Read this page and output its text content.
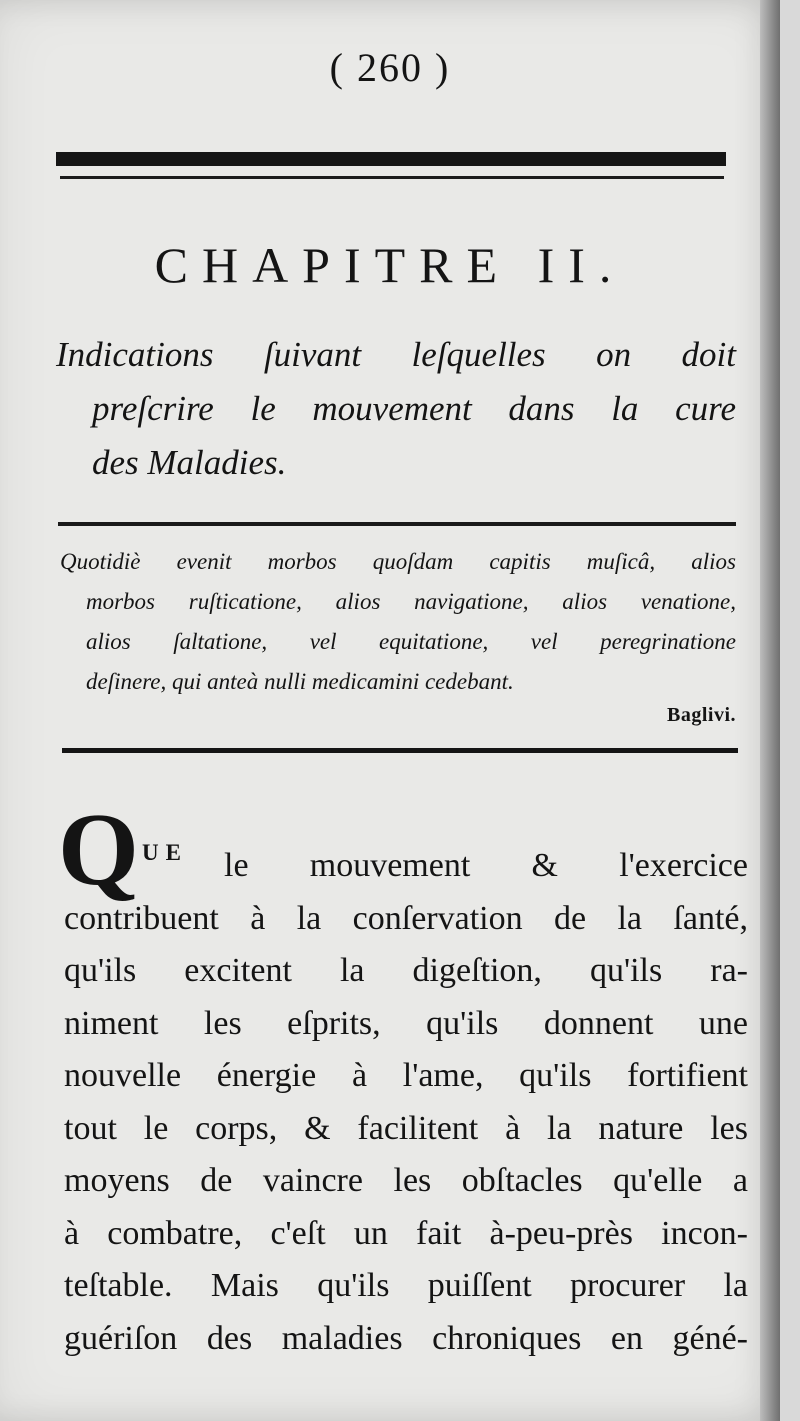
( 260 )
CHAPITRE II.
Indications ſuivant leſquelles on doit
preſcrire le mouvement dans la cure
des Maladies.
Quotidiè evenit morbos quoſdam capitis muſicâ, alios
morbos ruſticatione, alios navigatione, alios venatione,
alios ſaltatione, vel equitatione, vel peregrinatione
deſinere, qui anteà nulli medicamini cedebant.
Baglivi.
Q UE	le mouvement & l'exercice
contribuent à la conſervation de la ſanté,
qu'ils excitent la digeſtion, qu'ils ra-
niment les eſprits, qu'ils donnent une
nouvelle énergie à l'ame, qu'ils fortifient
tout le corps, & facilitent à la nature les
moyens de vaincre les obſtacles qu'elle a
à combatre, c'eſt un fait à-peu-près incon-
teſtable. Mais qu'ils puiſſent procurer la
guériſon des maladies chroniques en géné-
